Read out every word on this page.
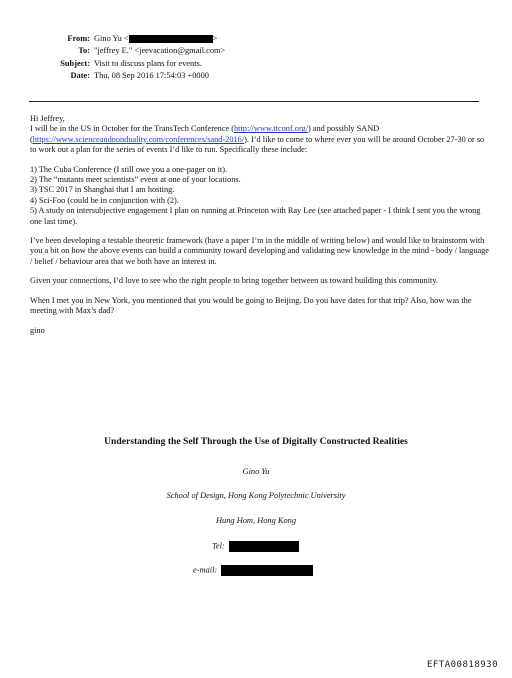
From: Gino Yu <	>
To: "jeffrey E." <jeevacation@gmail.com>
Subject: Visit to discuss plans for events.
Date: Thu, 08 Sep 2016 17:54:03 +0000

Hi Jeffrey,

I will be in the US in October for the TransTech Conference (http://www.ttconf.org/) and possibly SAND (https://www.scienceandnonduality.com/conferences/sand-2016/). I’d like to come to where ever you will be around October 27-30 or so to work out a plan for the series of events I’d like to run. Specifically these include:

1) The Cuba Conference (I still owe you a one-pager on it).
2) The “mutants meet scientists” event at one of your locations.
3) TSC 2017 in Shanghai that I am hosting.
4) Sci-Foo (could be in conjunction with (2).
5) A study on intersubjective engagement I plan on running at Princeton with Ray Lee (see attached paper - I think I sent you the wrong one last time).

I’ve been developing a testable theoretic framework (have a paper I’m in the middle of writing below) and would like to brainstorm with you a bit on how the above events can build a community toward developing and validating new knowledge in the mind - body / language / belief / behaviour area that we both have an interest in.

Given your connections, I’d love to see who the right people to bring together between us toward building this community.

When I met you in New York, you mentioned that you would be going to Beijing. Do you have dates for that trip? Also, how was the meeting with Max’s dad?

gino

Understanding the Self Through the Use of Digitally Constructed Realities
Gino Yu
School of Design, Hong Kong Polytechnic University
Hung Hom, Hong Kong
Tel:
e-mail:
EFTA00818930
